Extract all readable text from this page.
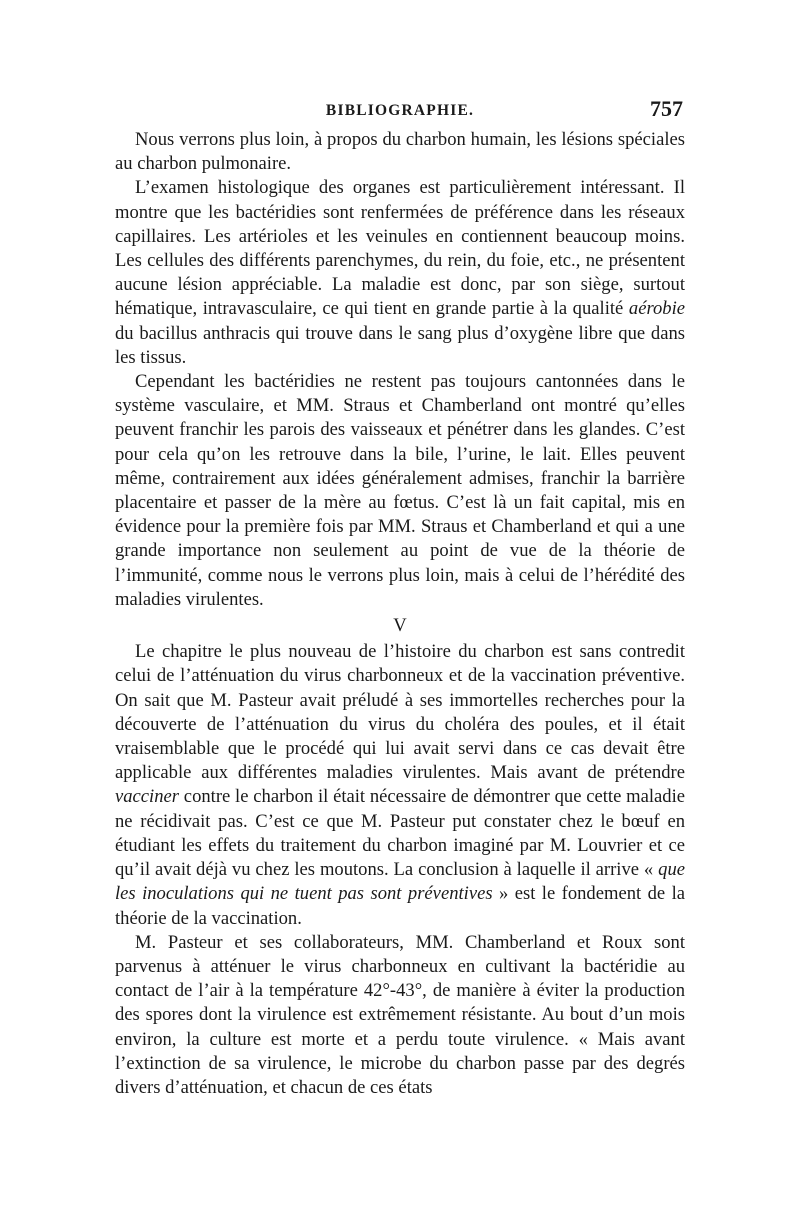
BIBLIOGRAPHIE.	757

Nous verrons plus loin, à propos du charbon humain, les lésions spéciales au charbon pulmonaire.

L’examen histologique des organes est particulièrement intéressant. Il montre que les bactéridies sont renfermées de préférence dans les réseaux capillaires. Les artérioles et les veinules en contiennent beaucoup moins. Les cellules des différents parenchymes, du rein, du foie, etc., ne présentent aucune lésion appréciable. La maladie est donc, par son siège, surtout hématique, intravasculaire, ce qui tient en grande partie à la qualité aérobie du bacillus anthracis qui trouve dans le sang plus d’oxygène libre que dans les tissus.

Cependant les bactéridies ne restent pas toujours cantonnées dans le système vasculaire, et MM. Straus et Chamberland ont montré qu’elles peuvent franchir les parois des vaisseaux et pénétrer dans les glandes. C’est pour cela qu’on les retrouve dans la bile, l’urine, le lait. Elles peuvent même, contrairement aux idées généralement admises, franchir la barrière placentaire et passer de la mère au fœtus. C’est là un fait capital, mis en évidence pour la première fois par MM. Straus et Chamberland et qui a une grande importance non seulement au point de vue de la théorie de l’immunité, comme nous le verrons plus loin, mais à celui de l’hérédité des maladies virulentes.

V

Le chapitre le plus nouveau de l’histoire du charbon est sans contredit celui de l’atténuation du virus charbonneux et de la vaccination préventive. On sait que M. Pasteur avait préludé à ses immortelles recherches pour la découverte de l’atténuation du virus du choléra des poules, et il était vraisemblable que le procédé qui lui avait servi dans ce cas devait être applicable aux différentes maladies virulentes. Mais avant de prétendre vacciner contre le charbon il était nécessaire de démontrer que cette maladie ne récidivait pas. C’est ce que M. Pasteur put constater chez le bœuf en étudiant les effets du traitement du charbon imaginé par M. Louvrier et ce qu’il avait déjà vu chez les moutons. La conclusion à laquelle il arrive « que les inoculations qui ne tuent pas sont préventives » est le fondement de la théorie de la vaccination.

M. Pasteur et ses collaborateurs, MM. Chamberland et Roux sont parvenus à atténuer le virus charbonneux en cultivant la bactéridie au contact de l’air à la température 42°-43°, de manière à éviter la production des spores dont la virulence est extrêmement résistante. Au bout d’un mois environ, la culture est morte et a perdu toute virulence. « Mais avant l’extinction de sa virulence, le microbe du charbon passe par des degrés divers d’atténuation, et chacun de ces états
